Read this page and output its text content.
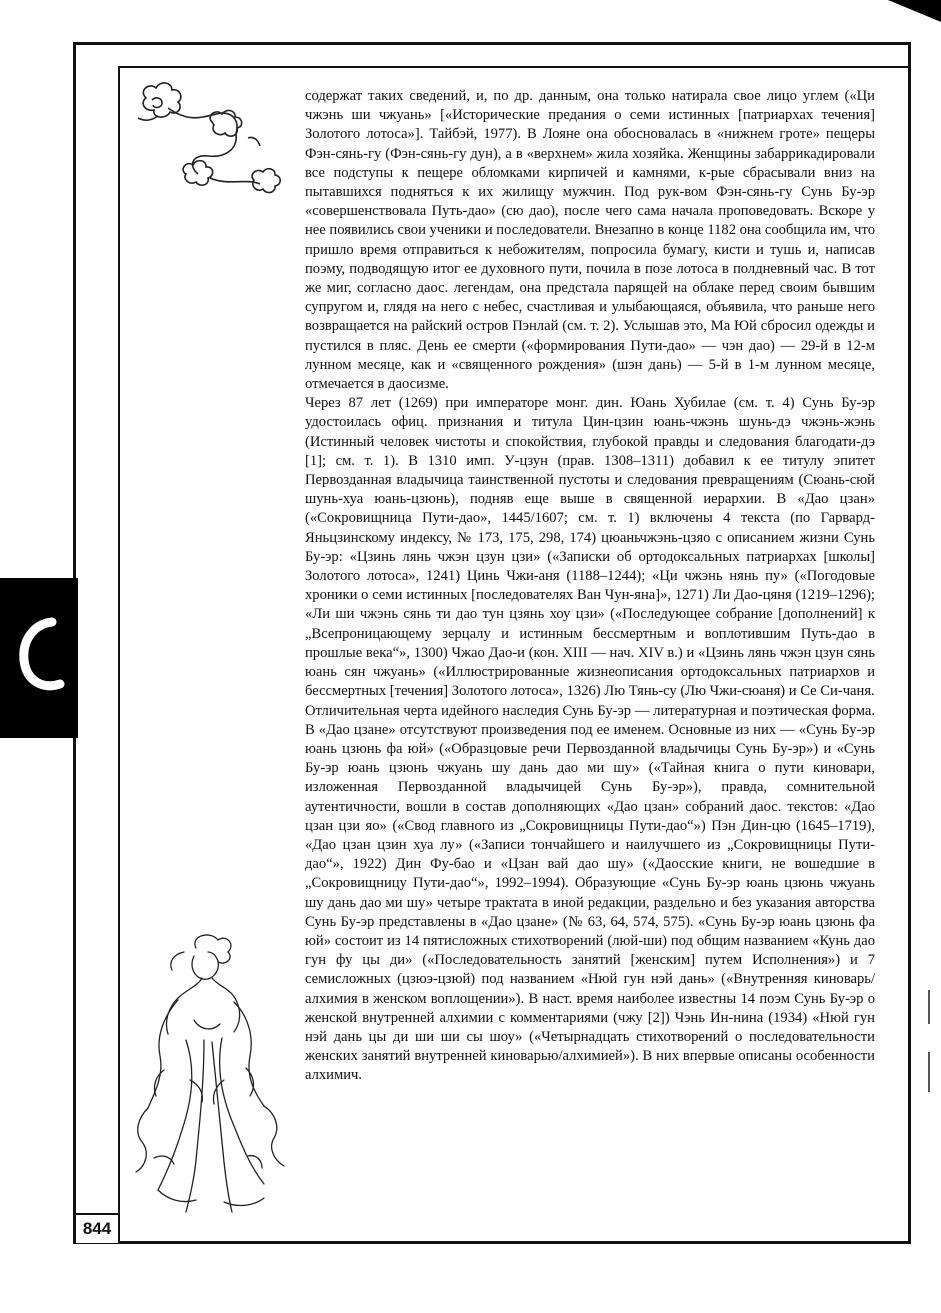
844

содержат таких сведений, и, по др. данным, она только натирала свое лицо углем («Ци чжэнь ши чжуань» [«Исторические предания о семи истинных [патриархах течения] Золотого лотоса»]. Тайбэй, 1977). В Лояне она обосновалась в «нижнем гроте» пещеры Фэн-сянь-гу (Фэн-сянь-гу дун), а в «верхнем» жила хозяйка. Женщины забаррикадировали все подступы к пещере обломками кирпичей и камнями, к-рые сбрасывали вниз на пытавшихся подняться к их жилищу мужчин. Под рук-вом Фэн-сянь-гу Сунь Бу-эр «совершенствовала Путь-дао» (сю дао), после чего сама начала проповедовать. Вскоре у нее появились свои ученики и последователи. Внезапно в конце 1182 она сообщила им, что пришло время отправиться к небожителям, попросила бумагу, кисти и тушь и, написав поэму, подводящую итог ее духовного пути, почила в позе лотоса в полдневный час. В тот же миг, согласно даос. легендам, она предстала парящей на облаке перед своим бывшим супругом и, глядя на него с небес, счастливая и улыбающаяся, объявила, что раньше него возвращается на райский остров Пэнлай (см. т. 2). Услышав это, Ма Юй сбросил одежды и пустился в пляс. День ее смерти («формирования Пути-дао» — чэн дао) — 29-й в 12-м лунном месяце, как и «священного рождения» (шэн дань) — 5-й в 1-м лунном месяце, отмечается в даосизме.

Через 87 лет (1269) при императоре монг. дин. Юань Хубилае (см. т. 4) Сунь Бу-эр удостоилась офиц. признания и титула Цин-цзин юань-чжэнь шунь-дэ чжэнь-жэнь (Истинный человек чистоты и спокойствия, глубокой правды и следования благодати-дэ [1]; см. т. 1). В 1310 имп. У-цзун (прав. 1308–1311) добавил к ее титулу эпитет Первозданная владычица таинственной пустоты и следования превращениям (Сюань-сюй шунь-хуа юань-цзюнь), подняв еще выше в священной иерархии. В «Дао цзан» («Сокровищница Пути-дао», 1445/1607; см. т. 1) включены 4 текста (по Гарвард-Яньцзинскому индексу, № 173, 175, 298, 174) цюаньчжэнь-цзяо с описанием жизни Сунь Бу-эр: «Цзинь лянь чжэн цзун цзи» («Записки об ортодоксальных патриархах [школы] Золотого лотоса», 1241) Цинь Чжи-аня (1188–1244); «Ци чжэнь нянь пу» («Погодовые хроники о семи истинных [последователях Ван Чун-яна]», 1271) Ли Дао-цяня (1219–1296); «Ли ши чжэнь сянь ти дао тун цзянь хоу цзи» («Последующее собрание [дополнений] к „Всепроницающему зерцалу и истинным бессмертным и воплотившим Путь-дао в прошлые века“», 1300) Чжао Дао-и (кон. XIII — нач. XIV в.) и «Цзинь лянь чжэн цзун сянь юань сян чжуань» («Иллюстрированные жизнеописания ортодоксальных патриархов и бессмертных [течения] Золотого лотоса», 1326) Лю Тянь-су (Лю Чжи-сюаня) и Се Си-чаня.

Отличительная черта идейного наследия Сунь Бу-эр — литературная и поэтическая форма. В «Дао цзане» отсутствуют произведения под ее именем. Основные из них — «Сунь Бу-эр юань цзюнь фа юй» («Образцовые речи Первозданной владычицы Сунь Бу-эр») и «Сунь Бу-эр юань цзюнь чжуань шу дань дао ми шу» («Тайная книга о пути киновари, изложенная Первозданной владычицей Сунь Бу-эр»), правда, сомнительной аутентичности, вошли в состав дополняющих «Дао цзан» собраний даос. текстов: «Дао цзан цзи яо» («Свод главного из „Сокровищницы Пути-дао“») Пэн Дин-цю (1645–1719), «Дао цзан цзин хуа лу» («Записи тончайшего и наилучшего из „Сокровищницы Пути-дао“», 1922) Дин Фу-бао и «Цзан вай дао шу» («Даосские книги, не вошедшие в „Сокровищницу Пути-дао“», 1992–1994). Образующие «Сунь Бу-эр юань цзюнь чжуань шу дань дао ми шу» четыре трактата в иной редакции, раздельно и без указания авторства Сунь Бу-эр представлены в «Дао цзане» (№ 63, 64, 574, 575). «Сунь Бу-эр юань цзюнь фа юй» состоит из 14 пятисложных стихотворений (люй-ши) под общим названием «Кунь дао гун фу цы ди» («Последовательность занятий [женским] путем Исполнения») и 7 семисложных (цзюэ-цзюй) под названием «Нюй гун нэй дань» («Внутренняя киноварь/алхимия в женском воплощении»). В наст. время наиболее известны 14 поэм Сунь Бу-эр о женской внутренней алхимии с комментариями (чжу [2]) Чэнь Ин-нина (1934) «Нюй гун нэй дань цы ди ши ши сы шоу» («Четырнадцать стихотворений о последовательности женских занятий внутренней киноварью/алхимией»). В них впервые описаны особенности алхимич.
